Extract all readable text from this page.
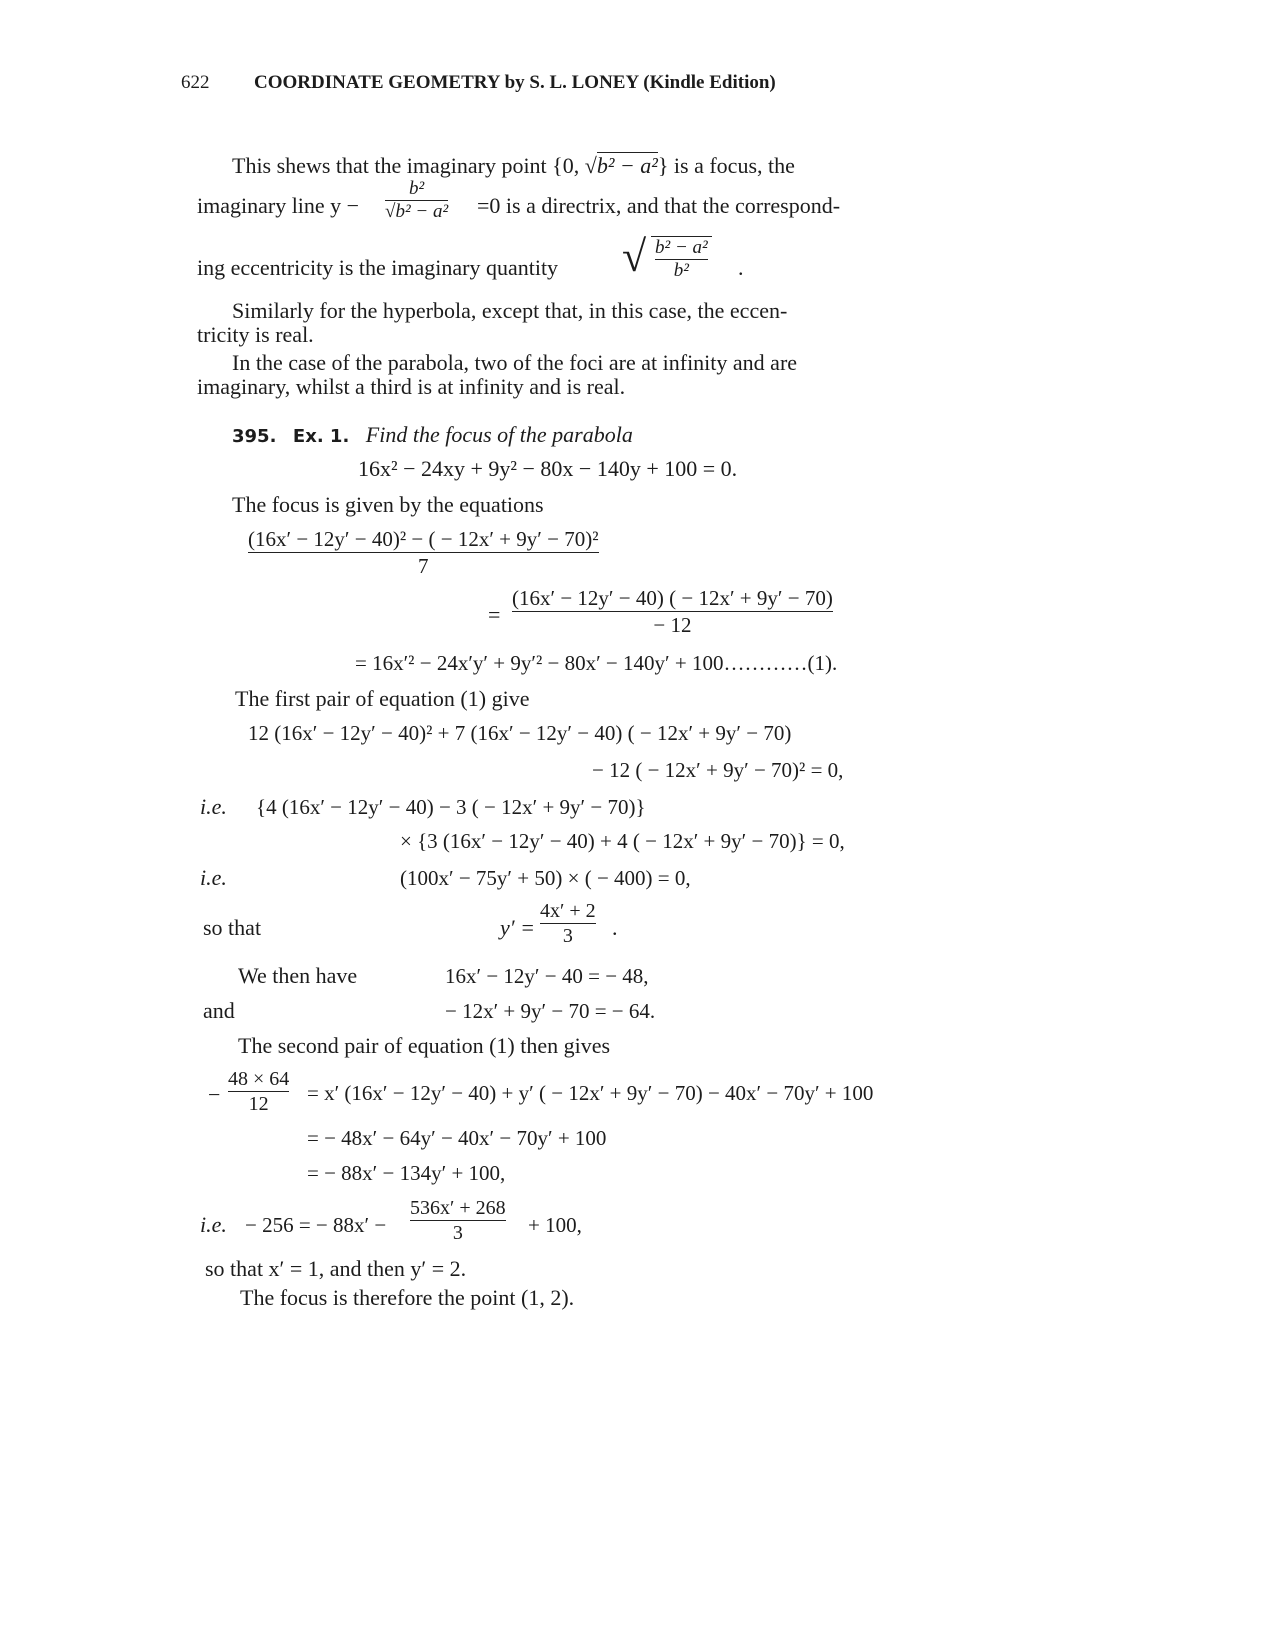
622 COORDINATE GEOMETRY by S. L. LONEY (Kindle Edition)
This shews that the imaginary point {0, √b² − a²} is a focus, the
imaginary line $y - \frac{\text{b²}}{\text{√b² − a²}} =0$ is a directrix, and that the correspond-
ing eccentricity is the imaginary quantity √ $\frac{\text{b² − a²}}{\text{b²}}$ .
Similarly for the hyperbola, except that, in this case, the eccen-
tricity is real.
In the case of the parabola, two of the foci are at infinity and are
imaginary, whilst a third is at infinity and is real.
395. Ex. 1. Find the focus of the parabola
16x² − 24xy + 9y² − 80x − 140y + 100 = 0.
The focus is given by the equations
$\frac{\text{(16x′ − 12y′ − 40)² − ( − 12x′ + 9y′ − 70)²}}{7}$
= $\frac{(16x' - 12y' - 40) ( - 12x' + 9y' - 70)}{- 12}$
= 16x′² − 24x′y′ + 9y′² − 80x′ − 140y′ + 100…………(1).
The first pair of equation (1) give
12 (16x′ − 12y′ − 40)² + 7 (16x′ − 12y′ − 40) ( − 12x′ + 9y′ − 70)
− 12 ( − 12x′ + 9y′ − 70)² = 0,
i.e. {4 (16x′ − 12y′ − 40) − 3 ( − 12x′ + 9y′ − 70)}
× {3 (16x′ − 12y′ − 40) + 4 ( − 12x′ + 9y′ − 70)} = 0,
i.e.	(100x′ − 75y′ + 50) × ( − 400) = 0,
so that	$y' = \frac{4x' + 2}{3}$ .
We then have	16x′ − 12y′ − 40 = − 48,
and	− 12x′ + 9y′ − 70 = − 64.
The second pair of equation (1) then gives
− $\frac{48 \times 64}{12} = x'$ (16x′ − 12y′ − 40) + y′ ( − 12x′ + 9y′ − 70) − 40x′ − 70y′ + 100
= − 48x′ − 64y′ − 40x′ − 70y′ + 100
= − 88x′ − 134y′ + 100,
i.e. − 256 = − $88x' - \frac{536x' + 268}{3} + 100$,
so that x′ = 1, and then y′ = 2.
The focus is therefore the point (1, 2).
